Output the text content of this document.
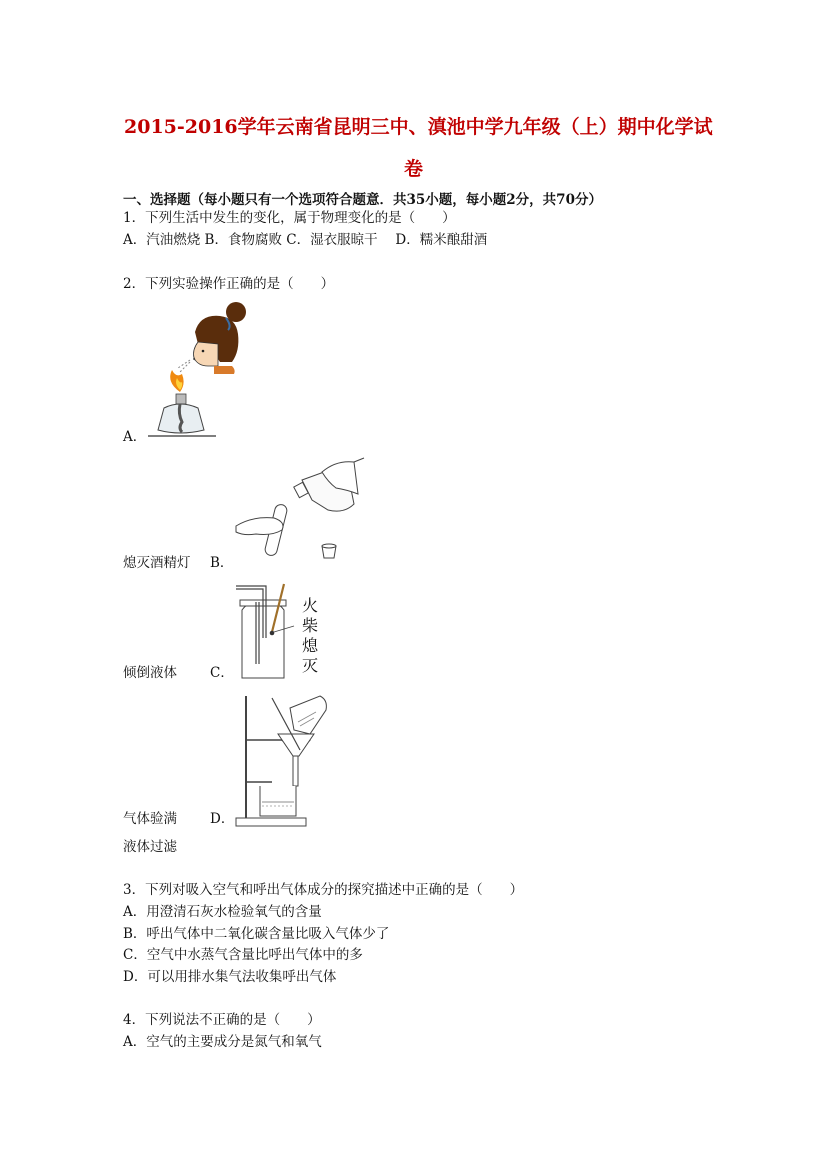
2015-2016学年云南省昆明三中、滇池中学九年级（上）期中化学试
卷
一、选择题（每小题只有一个选项符合题意．共35小题，每小题2分，共70分）
1．下列生活中发生的变化，属于物理变化的是（　　）
A．汽油燃烧 B．食物腐败 C．湿衣服晾干　 D．糯米酿甜酒
2．下列实验操作正确的是（　　）
A．
熄灭酒精灯 B．
火
柴
熄
灭
倾倒液体 C．
气体验满 D．
液体过滤
3．下列对吸入空气和呼出气体成分的探究描述中正确的是（　　）
A．用澄清石灰水检验氧气的含量
B．呼出气体中二氧化碳含量比吸入气体少了
C．空气中水蒸气含量比呼出气体中的多
D．可以用排水集气法收集呼出气体
4．下列说法不正确的是（　　）
A．空气的主要成分是氮气和氧气
